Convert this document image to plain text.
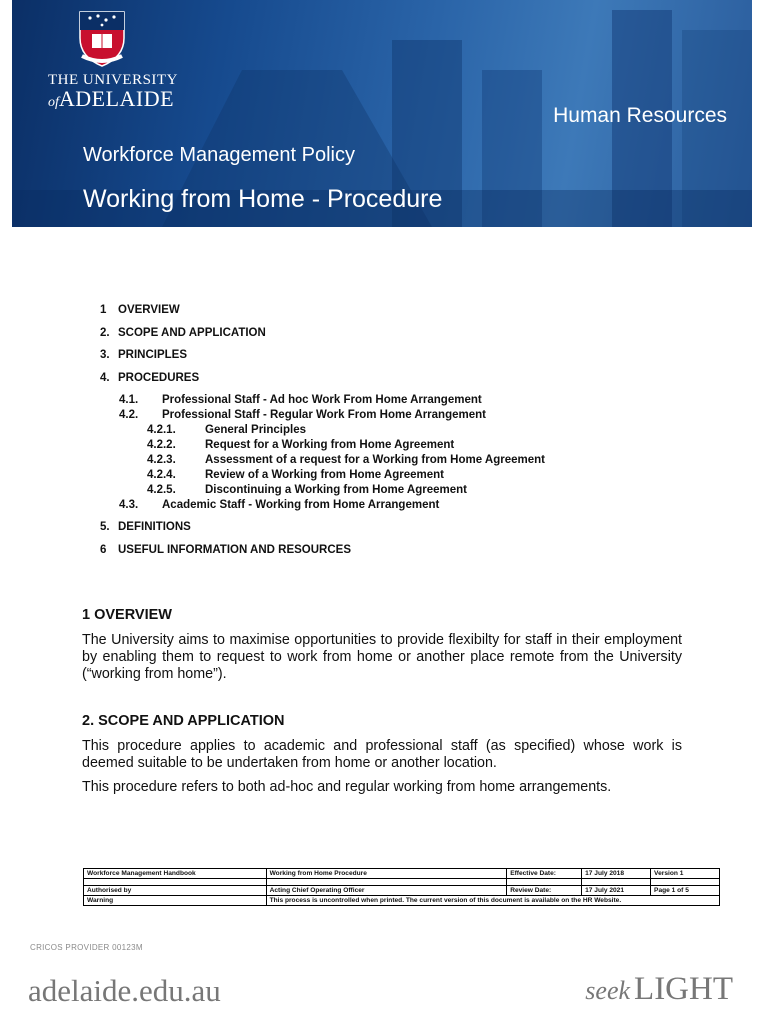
THE UNIVERSITY
ofADELAIDE
Human Resources
Workforce Management Policy
Working from Home - Procedure
1 OVERVIEW
2. SCOPE AND APPLICATION
3. PRINCIPLES
4. PROCEDURES
4.1. Professional Staff - Ad hoc Work From Home Arrangement
4.2. Professional Staff - Regular Work From Home Arrangement
4.2.1.	General Principles
4.2.2.	Request for a Working from Home Agreement
4.2.3.	Assessment of a request for a Working from Home Agreement
4.2.4.	Review of a Working from Home Agreement
4.2.5.	Discontinuing a Working from Home Agreement
4.3. Academic Staff - Working from Home Arrangement
5. DEFINITIONS
6 USEFUL INFORMATION AND RESOURCES
1 OVERVIEW
The University aims to maximise opportunities to provide flexibilty for staff in their employment by enabling them to request to work from home or another place remote from the University (“working from home”).
2. SCOPE AND APPLICATION
This procedure applies to academic and professional staff (as specified) whose work is deemed suitable to be undertaken from home or another location.
This procedure refers to both ad-hoc and regular working from home arrangements.
Workforce Management Handbook	Working from Home Procedure	Effective Date:	17 July 2018	Version 1

Authorised by	Acting Chief Operating Officer	Review Date:	17 July 2021	Page 1 of 5
Warning	This process is uncontrolled when printed. The current version of this document is available on the HR Website.			
CRICOS PROVIDER 00123M
adelaide.edu.au	seek LIGHT
